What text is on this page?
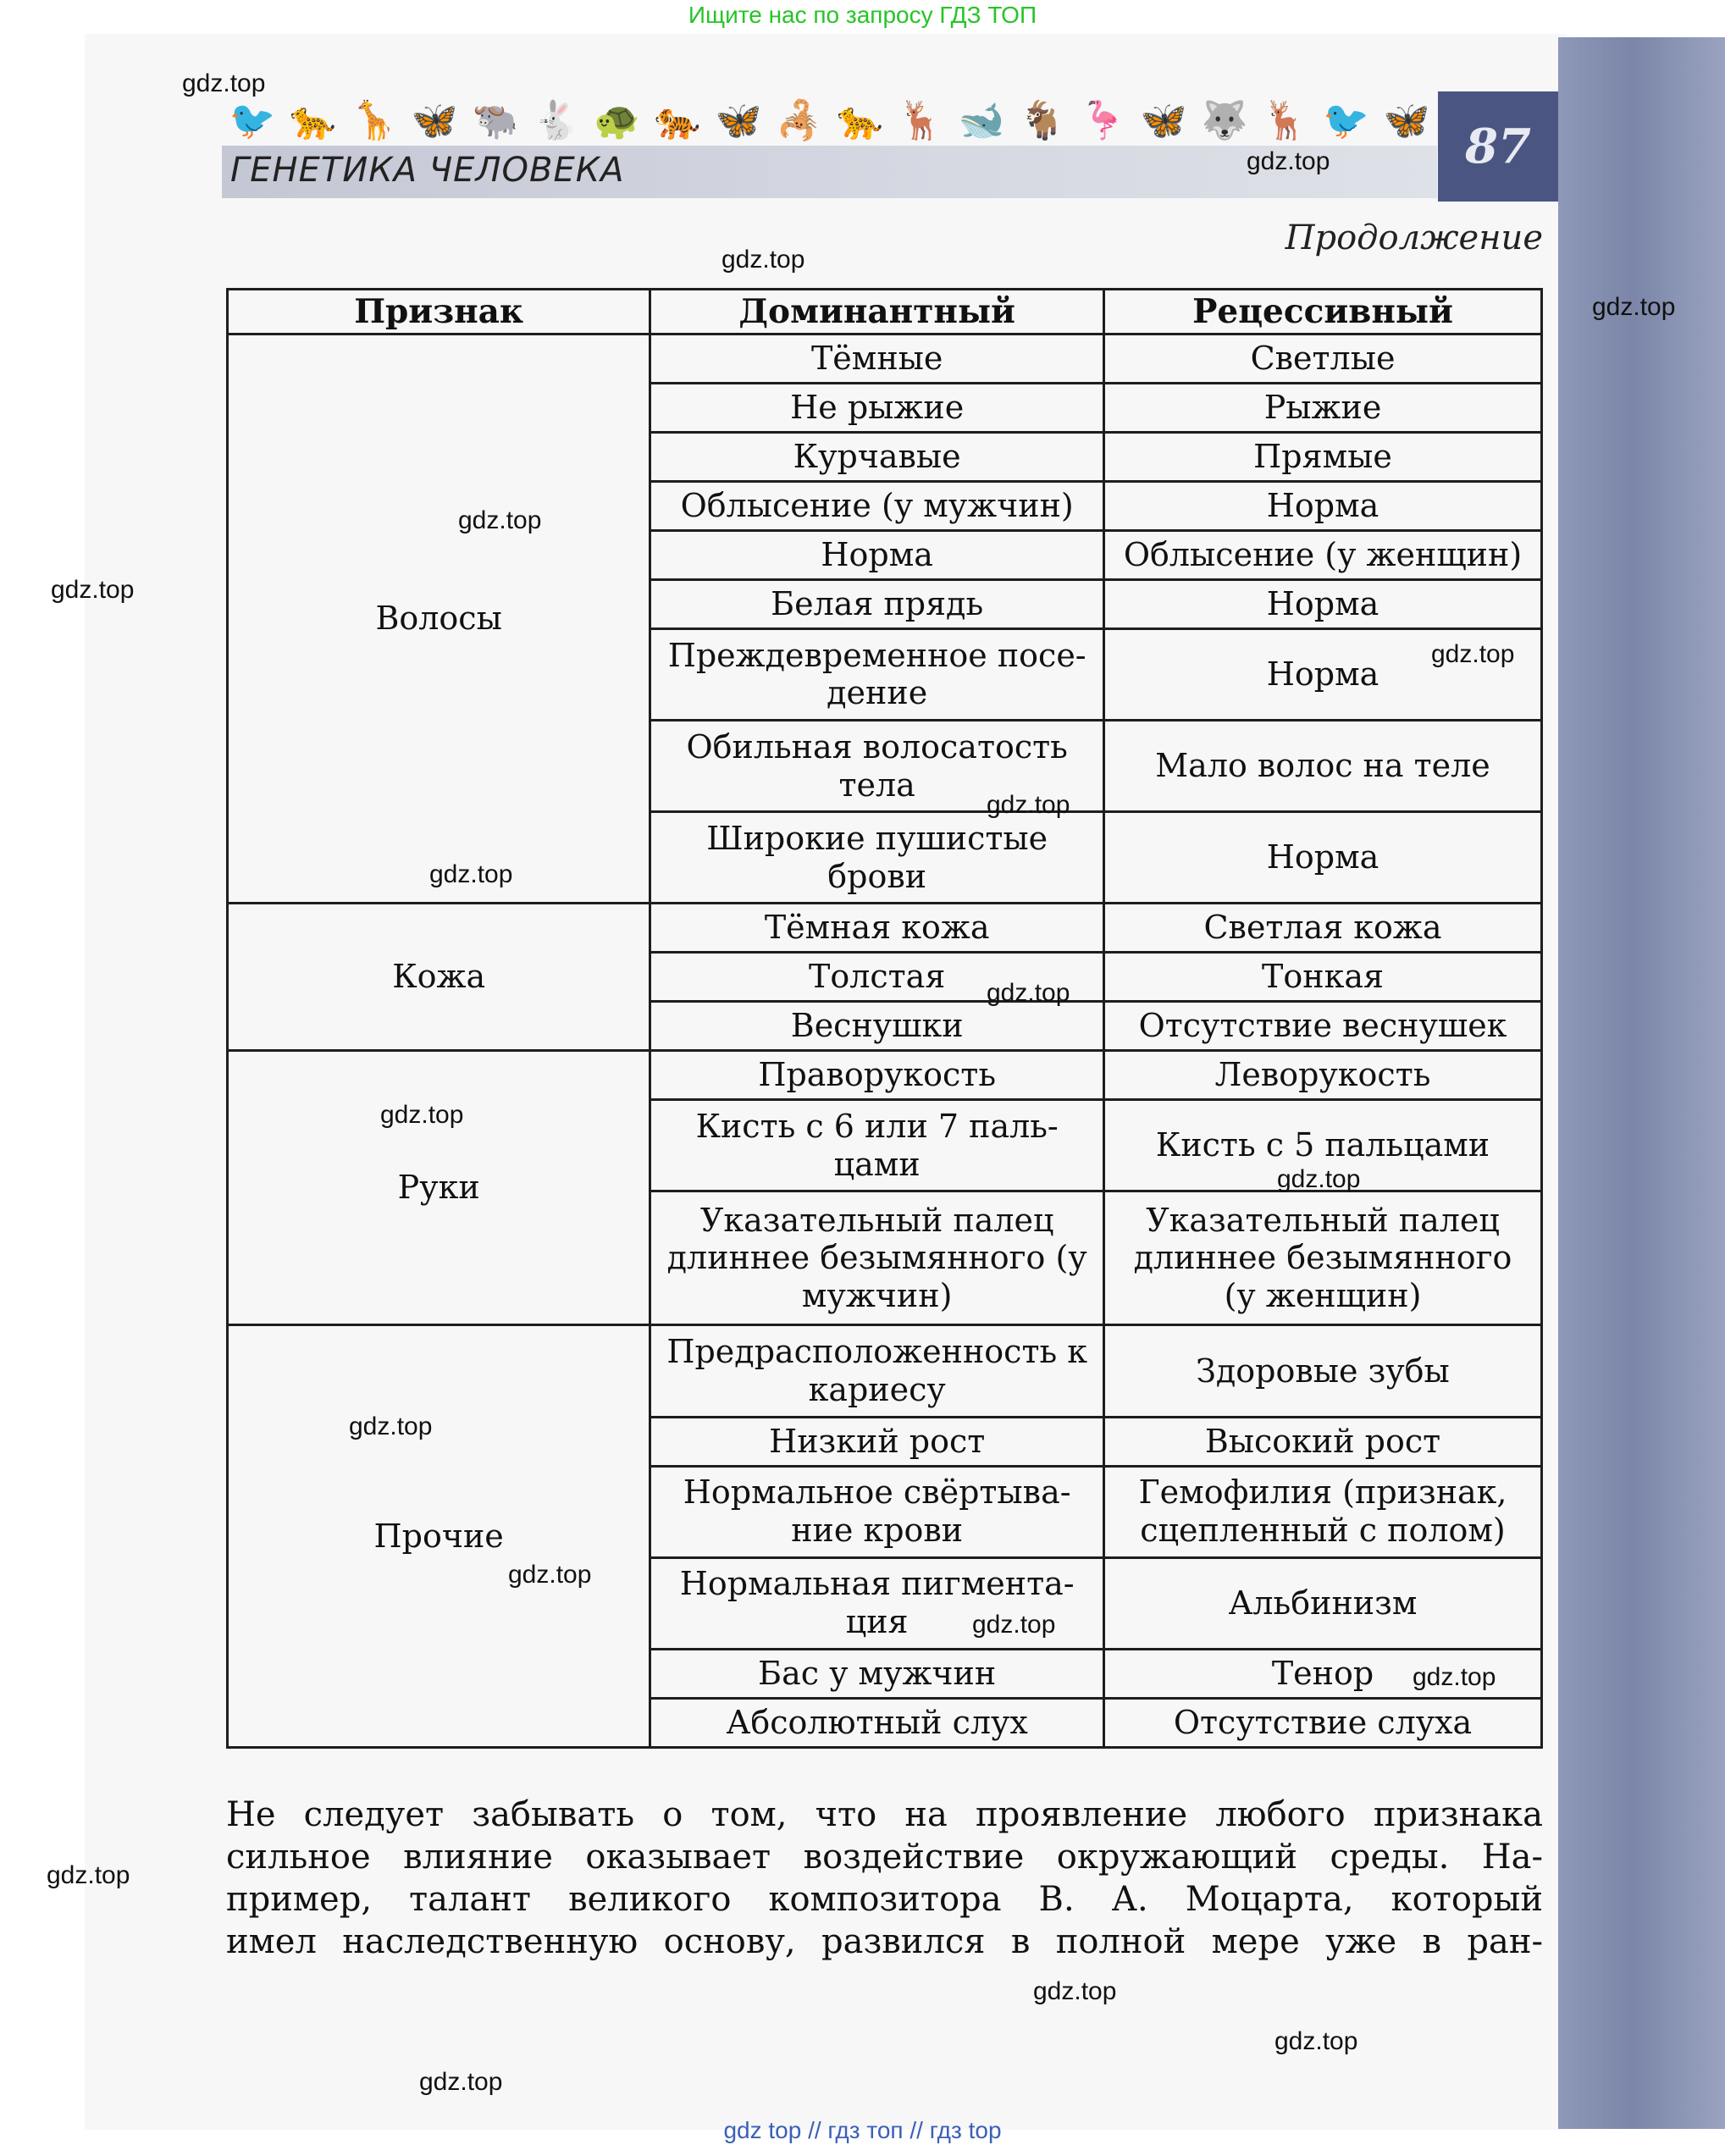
Ищите нас по запросу ГДЗ ТОП
🐦 🐆 🦒 🦋 🐃 🐇 🐢 🐅 🦋 🦂 🐆 🦌 🐋 🐐 🦩 🦋 🐺 🦌 🐦 🦋
ГЕНЕТИКА ЧЕЛОВЕКА	87
Продолжение
Признак	Доминантный	Рецессивный
Волосы	Тёмные	Светлые
	Не рыжие	Рыжие
	Курчавые	Прямые
	Облысение (у мужчин)	Норма
	Норма	Облысение (у женщин)
	Белая прядь	Норма
	Преждевременное посе-дение	Норма
	Обильная волосатость тела	Мало волос на теле
	Широкие пушистые брови	Норма
Кожа	Тёмная кожа	Светлая кожа
	Толстая	Тонкая
	Веснушки	Отсутствие веснушек
Руки	Праворукость	Леворукость
	Кисть с 6 или 7 паль-цами	Кисть с 5 пальцами
	Указательный палец длиннее безымянного (у мужчин)	Указательный палец длиннее безымянного (у женщин)
Прочие	Предрасположенность к кариесу	Здоровые зубы
	Низкий рост	Высокий рост
	Нормальное свёртыва-ние крови	Гемофилия (признак, сцепленный с полом)
	Нормальная пигмента-ция	Альбинизм
	Бас у мужчин	Тенор
	Абсолютный слух	Отсутствие слуха
Не следует забывать о том, что на проявление любого признака
сильное влияние оказывает воздействие окружающий среды. На-
пример, талант великого композитора В. А. Моцарта, который
имел наследственную основу, развился в полной мере уже в ран-
gdz.top
gdz.top
gdz.top
gdz.top
gdz.top
gdz.top
gdz.top
gdz.top
gdz.top
gdz.top
gdz.top
gdz.top
gdz.top
gdz.top
gdz.top
gdz.top
gdz.top
gdz.top
gdz.top
gdz.top
gdz top // гдз топ // гдз top
